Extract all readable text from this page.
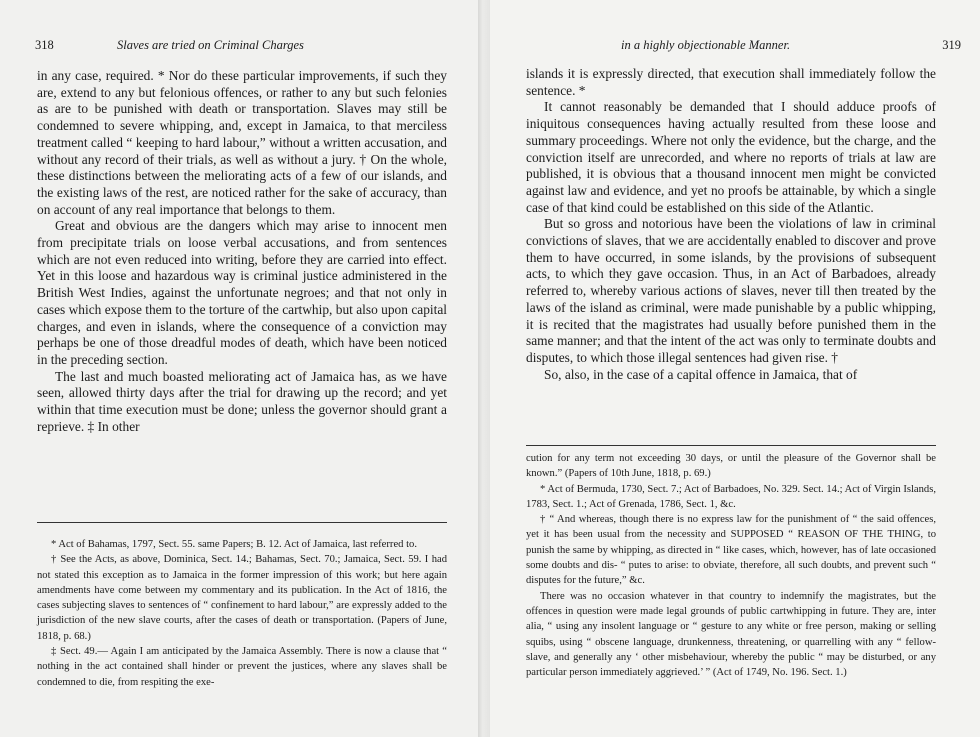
318	Slaves are tried on Criminal Charges

in any case, required. * Nor do these particular improvements, if such they are, extend to any but felonious offences, or rather to any but such felonies as are to be punished with death or transportation. Slaves may still be condemned to severe whipping, and, except in Jamaica, to that merciless treatment called “ keeping to hard labour,” without a written accusation, and without any record of their trials, as well as without a jury. † On the whole, these distinctions between the meliorating acts of a few of our islands, and the existing laws of the rest, are noticed rather for the sake of accuracy, than on account of any real importance that belongs to them.

Great and obvious are the dangers which may arise to innocent men from precipitate trials on loose verbal accusations, and from sentences which are not even reduced into writing, before they are carried into effect. Yet in this loose and hazardous way is criminal justice administered in the British West Indies, against the unfortunate negroes; and that not only in cases which expose them to the torture of the cartwhip, but also upon capital charges, and even in islands, where the consequence of a conviction may perhaps be one of those dreadful modes of death, which have been noticed in the preceding section.

The last and much boasted meliorating act of Jamaica has, as we have seen, allowed thirty days after the trial for drawing up the record; and yet within that time execution must be done; unless the governor should grant a reprieve. ‡ In other

* Act of Bahamas, 1797, Sect. 55. same Papers; B. 12. Act of Jamaica, last referred to.

† See the Acts, as above, Dominica, Sect. 14.; Bahamas, Sect. 70.; Jamaica, Sect. 59. I had not stated this exception as to Jamaica in the former impression of this work; but here again amendments have come between my commentary and its publication. In the Act of 1816, the cases subjecting slaves to sentences of “ confinement to hard labour,” are expressly added to the jurisdiction of the new slave courts, after the cases of death or transportation. (Papers of June, 1818, p. 68.)

‡ Sect. 49.— Again I am anticipated by the Jamaica Assembly. There is now a clause that “ nothing in the act contained shall hinder or prevent the justices, where any slaves shall be condemned to die, from respiting the exe-

in a highly objectionable Manner.	319

islands it is expressly directed, that execution shall immediately follow the sentence. *

It cannot reasonably be demanded that I should adduce proofs of iniquitous consequences having actually resulted from these loose and summary proceedings. Where not only the evidence, but the charge, and the conviction itself are unrecorded, and where no reports of trials at law are published, it is obvious that a thousand innocent men might be convicted against law and evidence, and yet no proofs be attainable, by which a single case of that kind could be established on this side of the Atlantic.

But so gross and notorious have been the violations of law in criminal convictions of slaves, that we are accidentally enabled to discover and prove them to have occurred, in some islands, by the provisions of subsequent acts, to which they gave occasion. Thus, in an Act of Barbadoes, already referred to, whereby various actions of slaves, never till then treated by the laws of the island as criminal, were made punishable by a public whipping, it is recited that the magistrates had usually before punished them in the same manner; and that the intent of the act was only to terminate doubts and disputes, to which those illegal sentences had given rise. †

So, also, in the case of a capital offence in Jamaica, that of

cution for any term not exceeding 30 days, or until the pleasure of the Governor shall be known.” (Papers of 10th June, 1818, p. 69.)

* Act of Bermuda, 1730, Sect. 7.; Act of Barbadoes, No. 329. Sect. 14.; Act of Virgin Islands, 1783, Sect. 1.; Act of Grenada, 1786, Sect. 1, &c.

† “ And whereas, though there is no express law for the punishment of “ the said offences, yet it has been usual from the necessity and SUPPOSED “ REASON OF THE THING, to punish the same by whipping, as directed in “ like cases, which, however, has of late occasioned some doubts and dis- “ putes to arise: to obviate, therefore, all such doubts, and prevent such “ disputes for the future,” &c.

There was no occasion whatever in that country to indemnify the magistrates, but the offences in question were made legal grounds of public cartwhipping in future. They are, inter alia, “ using any insolent language or “ gesture to any white or free person, making or selling squibs, using “ obscene language, drunkenness, threatening, or quarrelling with any “ fellow-slave, and generally any ‘ other misbehaviour, whereby the public “ may be disturbed, or any particular person immediately aggrieved.’ ” (Act of 1749, No. 196. Sect. 1.)
